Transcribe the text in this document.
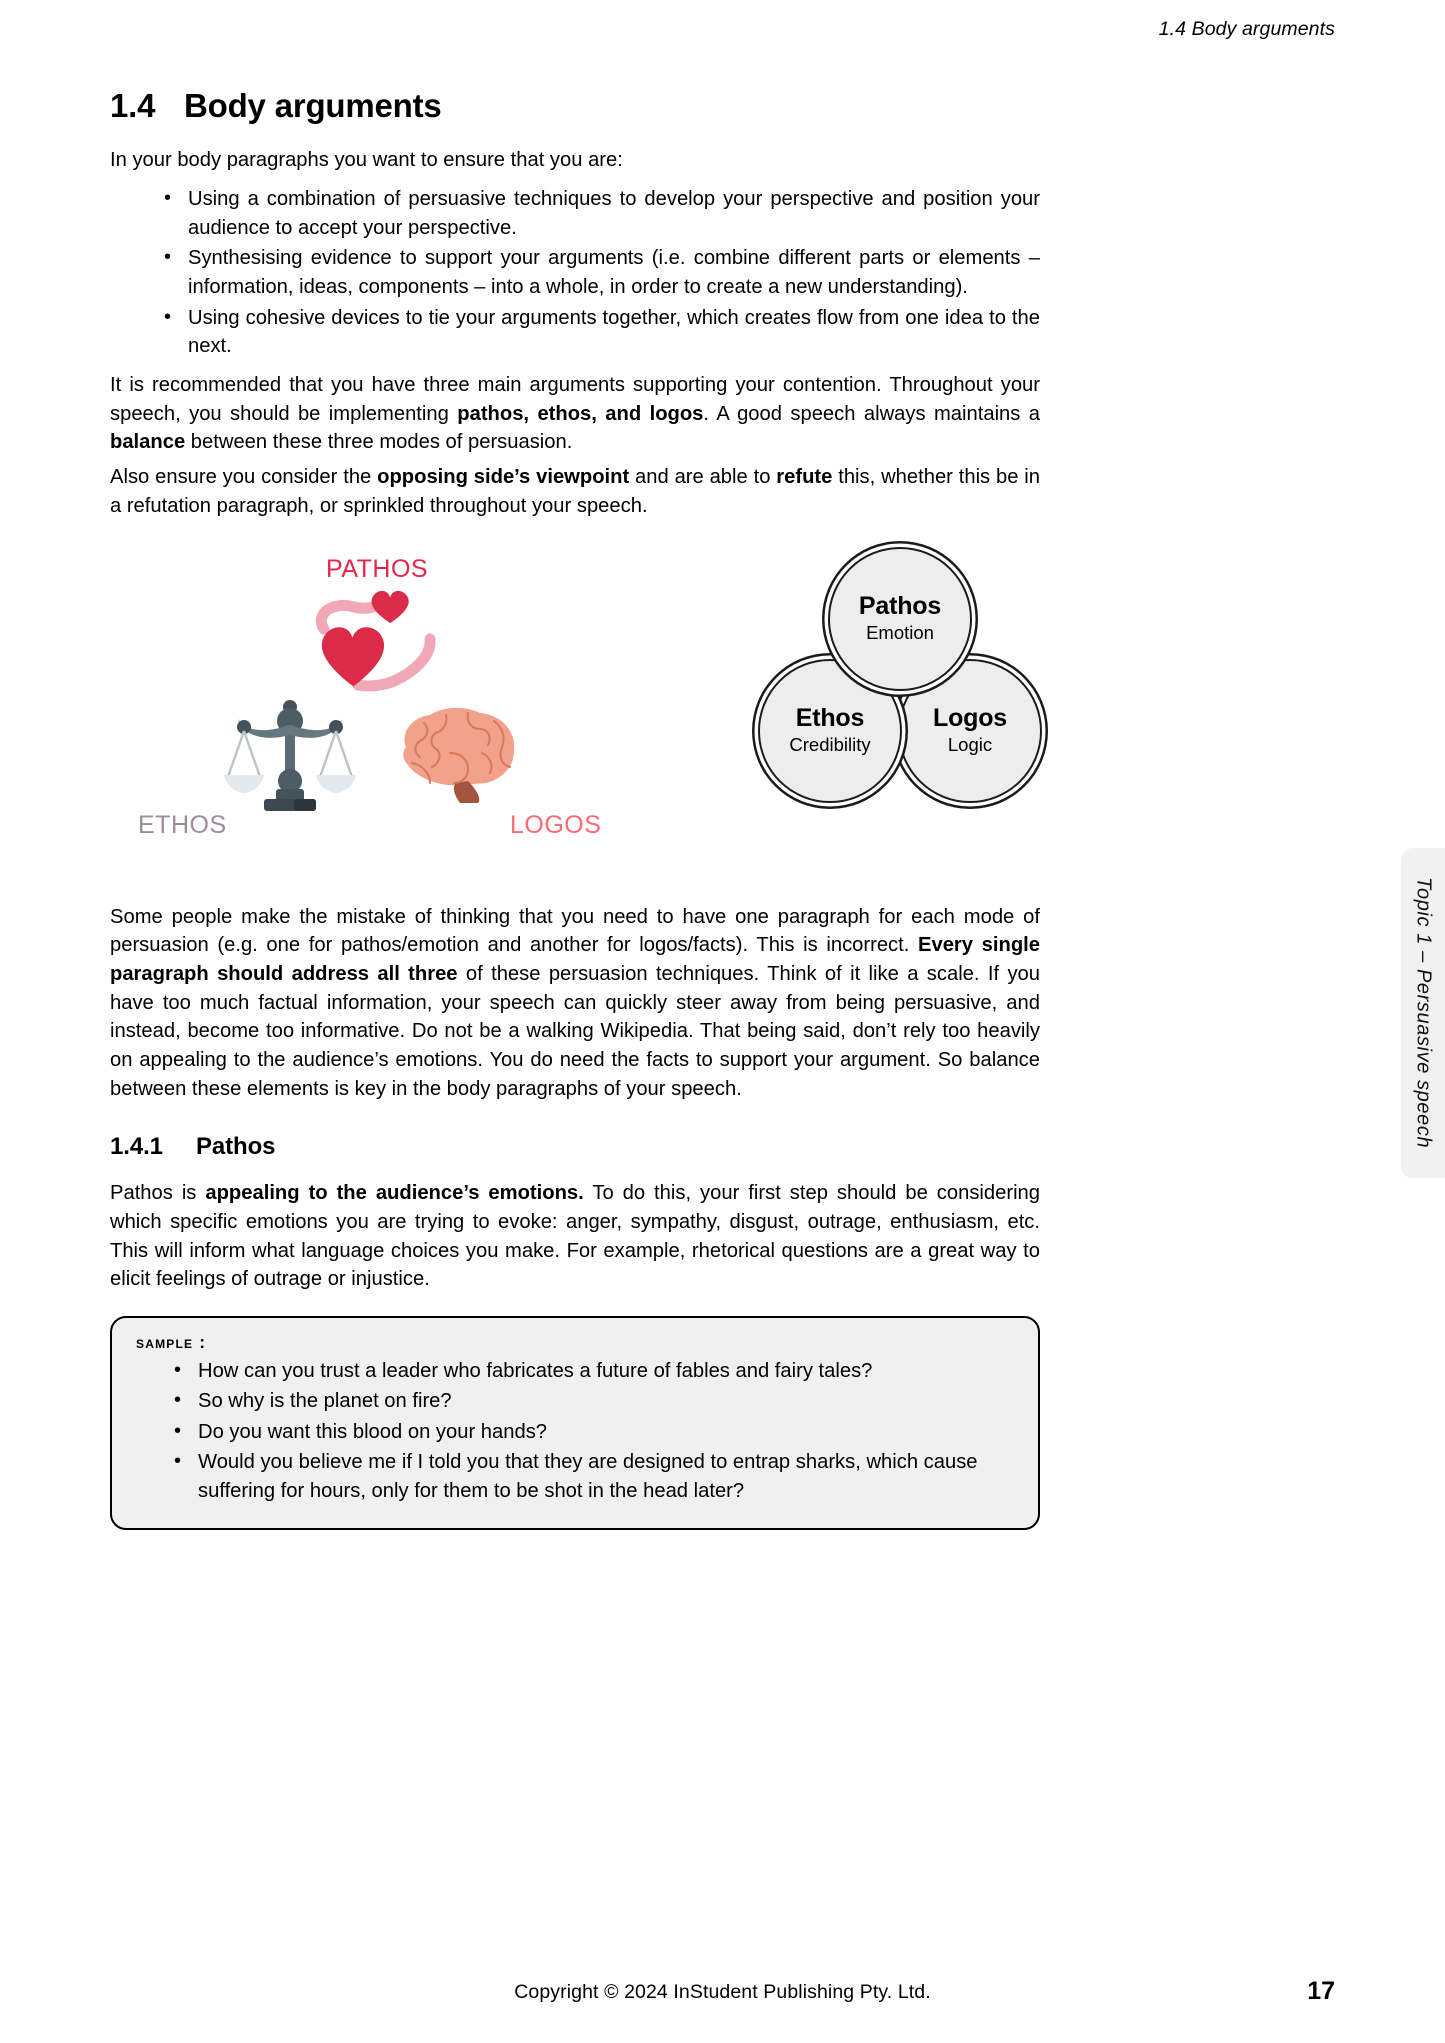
1.4 Body arguments
1.4 Body arguments

In your body paragraphs you want to ensure that you are:

• Using a combination of persuasive techniques to develop your perspective and position your audience to accept your perspective.
• Synthesising evidence to support your arguments (i.e. combine different parts or elements – information, ideas, components – into a whole, in order to create a new understanding).
• Using cohesive devices to tie your arguments together, which creates flow from one idea to the next.

It is recommended that you have three main arguments supporting your contention. Throughout your speech, you should be implementing pathos, ethos, and logos. A good speech always maintains a balance between these three modes of persuasion.

Also ensure you consider the opposing side’s viewpoint and are able to refute this, whether this be in a refutation paragraph, or sprinkled throughout your speech.

PATHOS
ETHOS	LOGOS
Pathos
Emotion
Ethos
Credibility
Logos
Logic

Some people make the mistake of thinking that you need to have one paragraph for each mode of persuasion (e.g. one for pathos/emotion and another for logos/facts). This is incorrect. Every single paragraph should address all three of these persuasion techniques. Think of it like a scale. If you have too much factual information, your speech can quickly steer away from being persuasive, and instead, become too informative. Do not be a walking Wikipedia. That being said, don’t rely too heavily on appealing to the audience’s emotions. You do need the facts to support your argument. So balance between these elements is key in the body paragraphs of your speech.

1.4.1 Pathos

Pathos is appealing to the audience’s emotions. To do this, your first step should be considering which specific emotions you are trying to evoke: anger, sympathy, disgust, outrage, enthusiasm, etc. This will inform what language choices you make. For example, rhetorical questions are a great way to elicit feelings of outrage or injustice.

sample :
• How can you trust a leader who fabricates a future of fables and fairy tales?
• So why is the planet on fire?
• Do you want this blood on your hands?
• Would you believe me if I told you that they are designed to entrap sharks, which cause suffering for hours, only for them to be shot in the head later?
Topic 1 – Persuasive speech
Copyright © 2024 InStudent Publishing Pty. Ltd.	17
